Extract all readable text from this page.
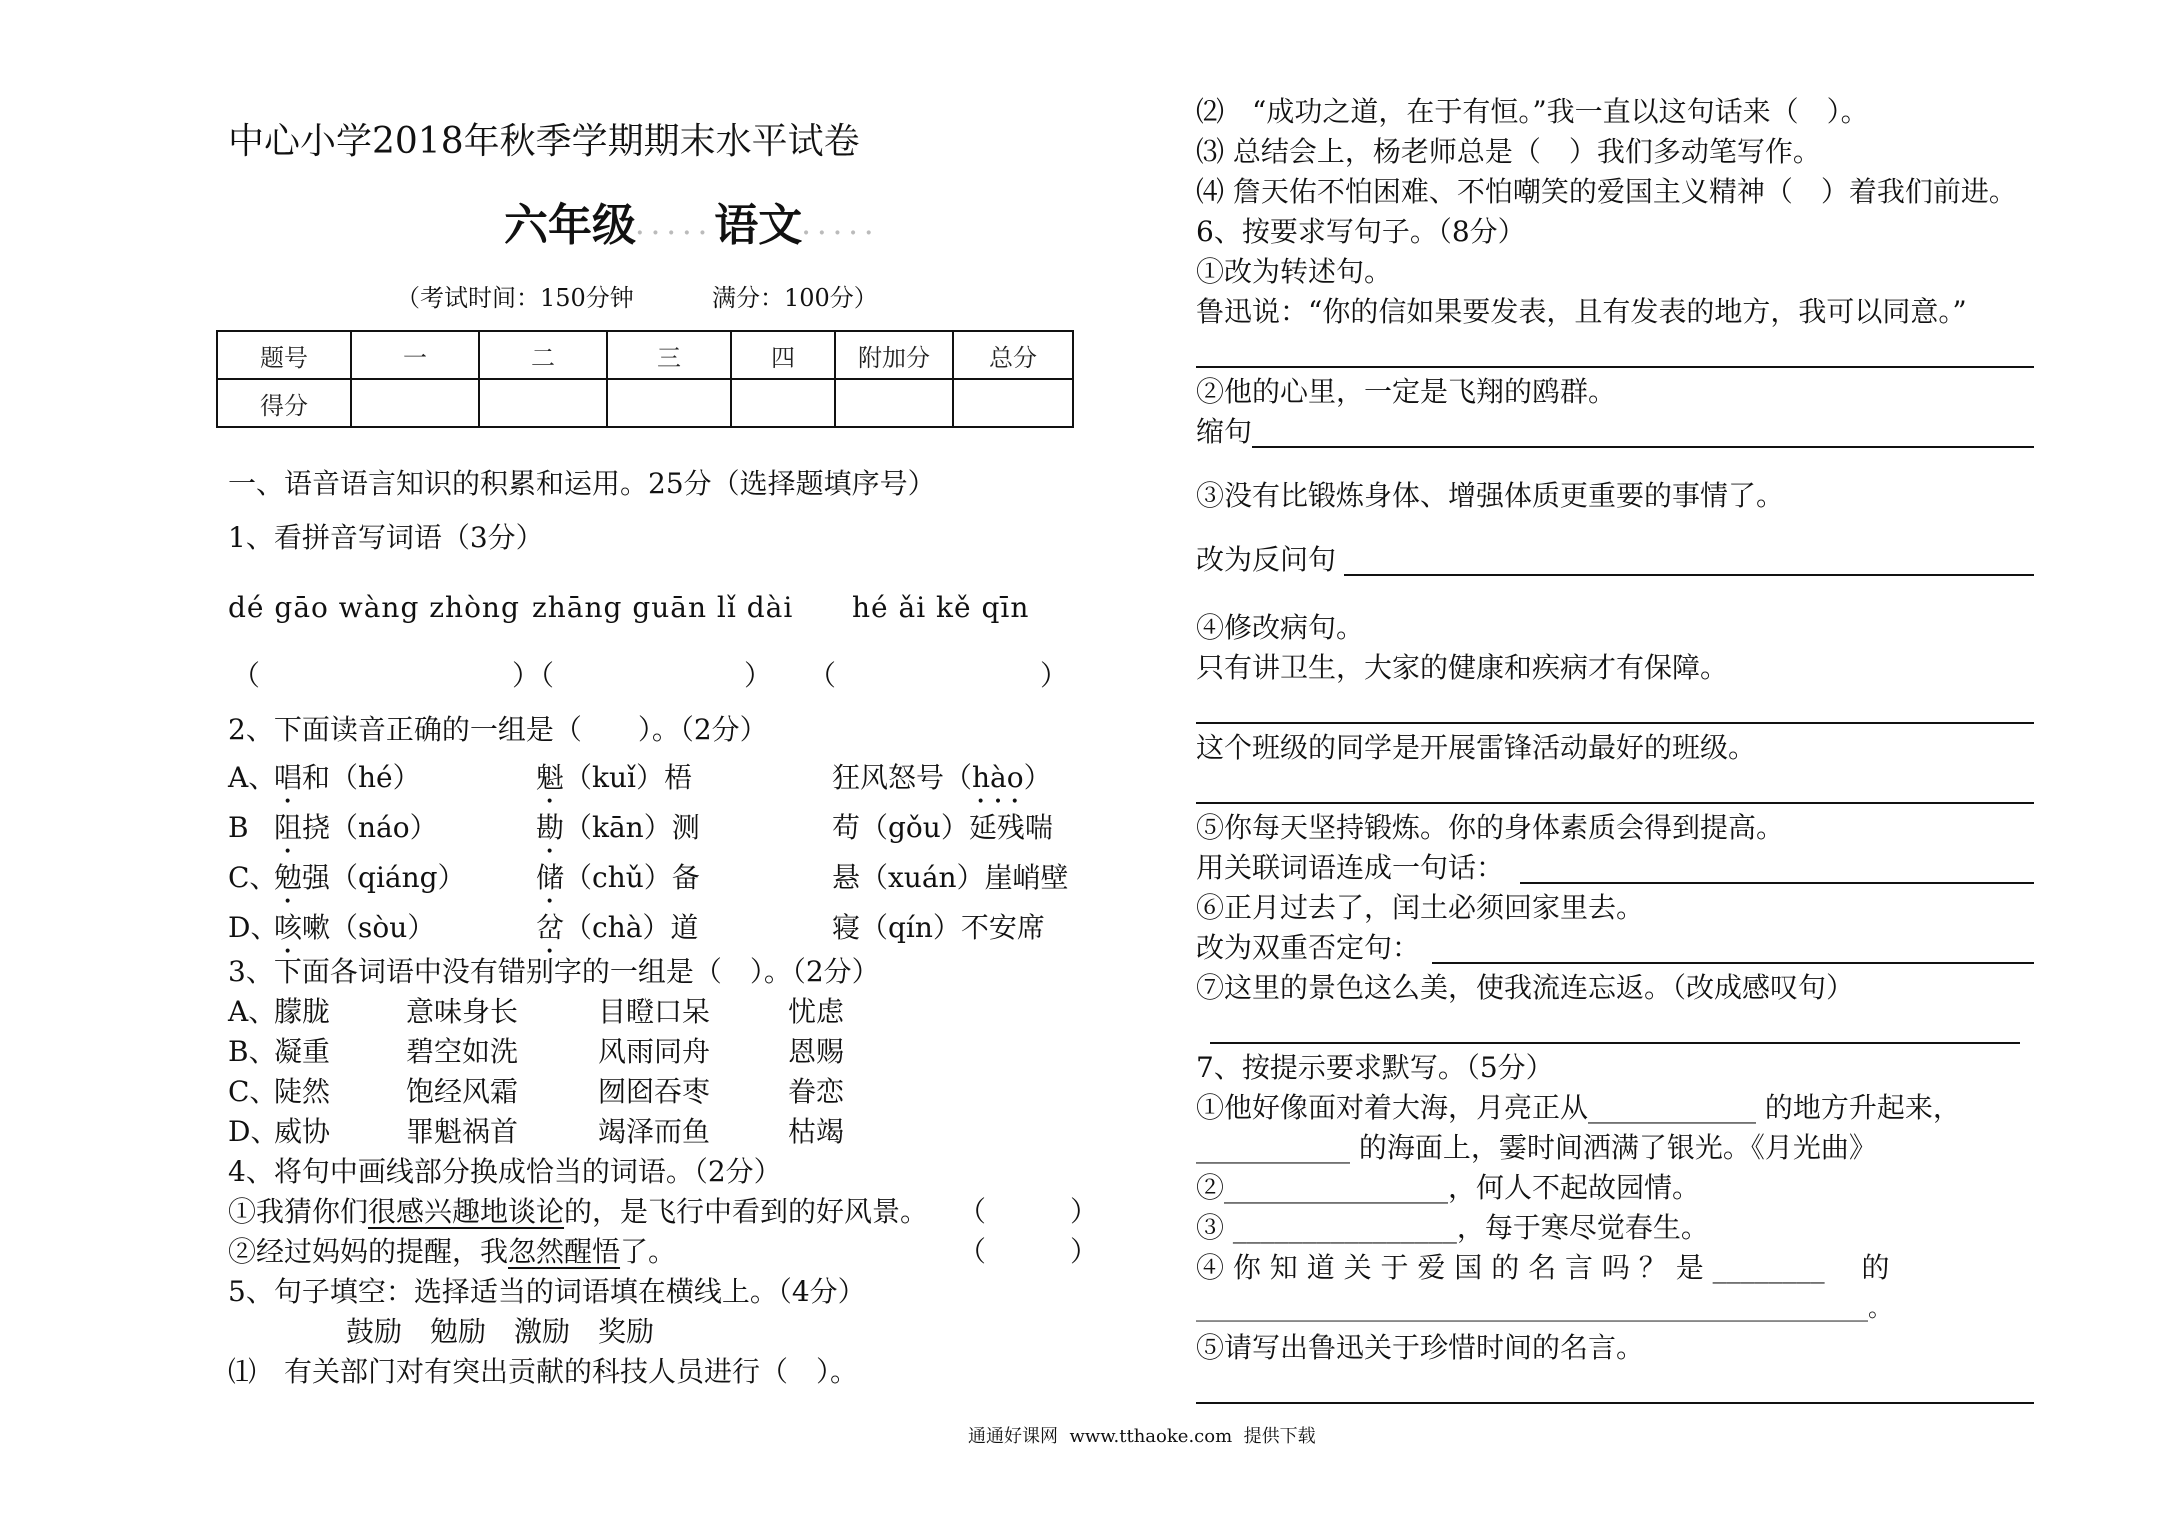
中心小学2018年秋季学期期末水平试卷
六年级·····语文·····
（考试时间：150分钟	满分：100分）
题号	一	二	三	四	附加分	总分
得分						
一、语音语言知识的积累和运用。25分（选择题填序号）
1、看拼音写词语（3分）
dé gāo wàng zhòng zhāng guān lǐ dài hé ǎi kě qīn
（	）（	） （	）
2、下面读音正确的一组是（　　）。（2分）
A、
唱和（hé）	魁（kuǐ）梧	狂风怒号（hào）
B 阻挠（náo）	勘（kān）测	苟（gǒu）延残喘
C、
勉强（qiáng）	储（chǔ）备	悬（xuán）崖峭壁
D、
咳嗽（sòu）	岔（chà）道	寝（qín）不安席
3、下面各词语中没有错别字的一组是（　）。（2分）
A、
朦胧	意味身长	目瞪口呆	忧虑
B、
凝重	碧空如洗	风雨同舟	恩赐
C、
陡然	饱经风霜	囫囵吞枣	眷恋
D、
威协	罪魁祸首	竭泽而鱼	枯竭
4、将句中画线部分换成恰当的词语。（2分）
①我猜你们很感兴趣地谈论的，是飞行中看到的好风景。 （　　　）
②经过妈妈的提醒，我忽然醒悟了。	（　　　）
5、句子填空：选择适当的词语填在横线上。（4分）
鼓励　勉励　激励　奖励
⑴　有关部门对有突出贡献的科技人员进行（　）。
⑵　“成功之道，在于有恒。”我一直以这句话来（　）。
⑶ 总结会上，杨老师总是（　）我们多动笔写作。
⑷ 詹天佑不怕困难、不怕嘲笑的爱国主义精神（　）着我们前进。
6、按要求写句子。（8分）
①改为转述句。
鲁迅说：“你的信如果要发表，且有发表的地方，我可以同意。”
②他的心里，一定是飞翔的鸥群。
缩句
③没有比锻炼身体、增强体质更重要的事情了。
改为反问句
④修改病句。
只有讲卫生，大家的健康和疾病才有保障。
这个班级的同学是开展雷锋活动最好的班级。
⑤你每天坚持锻炼。你的身体素质会得到提高。
用关联词语连成一句话：
⑥正月过去了，闰土必须回家里去。
改为双重否定句：
⑦这里的景色这么美，使我流连忘返。（改成感叹句）
7、按提示要求默写。（5分）
①他好像面对着大海，月亮正从____________ 的地方升起来，
___________ 的海面上，霎时间洒满了银光。《月光曲》
②________________，何人不起故园情。
③ ________________，每于寒尽觉春生。
④ 你 知 道 关 于 爱 国 的 名 言 吗 ？ 是 ________ 　的
________________________________________________________。
⑤请写出鲁迅关于珍惜时间的名言。
通通好课网  www.tthaoke.com  提供下载
